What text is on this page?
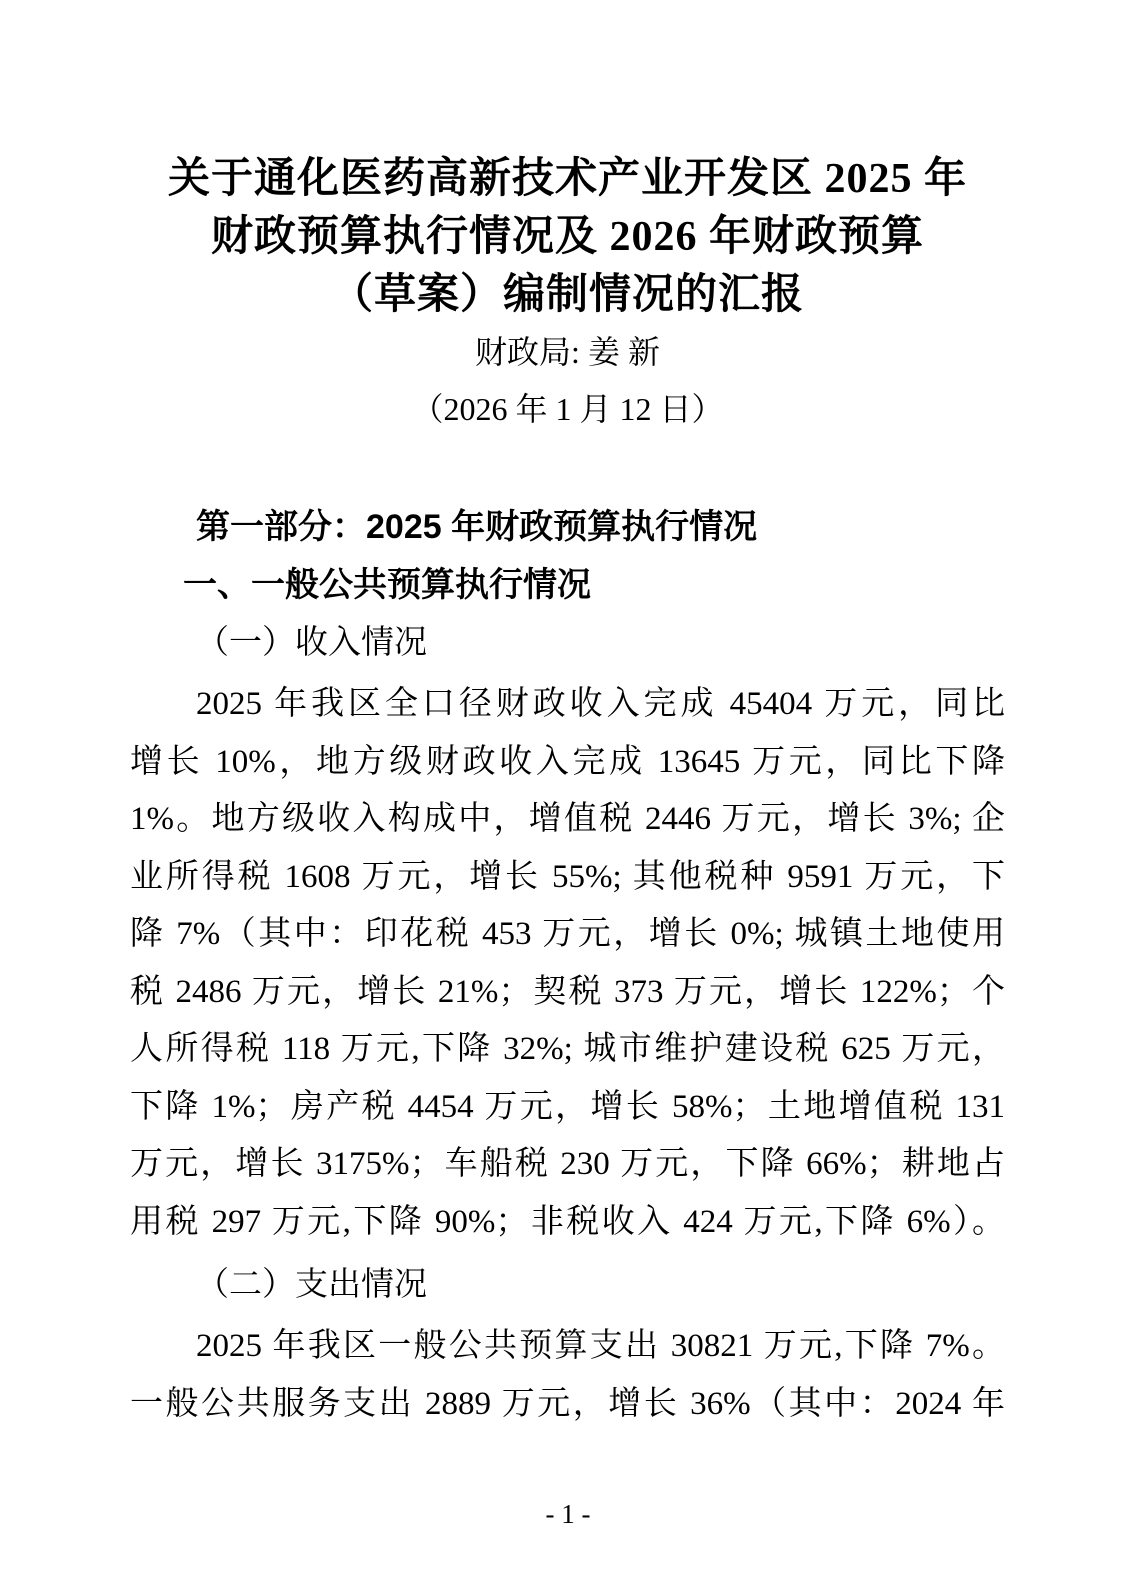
关于通化医药高新技术产业开发区 2025 年
财政预算执行情况及 2026 年财政预算
（草案）编制情况的汇报
财政局: 姜 新
（2026 年 1 月 12 日）
第一部分：2025 年财政预算执行情况
一、一般公共预算执行情况
（一）收入情况
2025 年我区全口径财政收入完成 45404 万元，同比
增长 10%，地方级财政收入完成 13645 万元，同比下降
1%。地方级收入构成中，增值税 2446 万元，增长 3%; 企
业所得税 1608 万元，增长 55%; 其他税种 9591 万元，下
降 7%（其中：印花税 453 万元，增长 0%; 城镇土地使用
税 2486 万元，增长 21%；契税 373 万元，增长 122%；个
人所得税 118 万元,下降 32%; 城市维护建设税 625 万元，
下降 1%；房产税 4454 万元，增长 58%；土地增值税 131
万元，增长 3175%；车船税 230 万元，下降 66%；耕地占
用税 297 万元,下降 90%；非税收入 424 万元,下降 6%）。
（二）支出情况
2025 年我区一般公共预算支出 30821 万元,下降 7%。
一般公共服务支出 2889 万元，增长 36%（其中：2024 年
- 1 -
